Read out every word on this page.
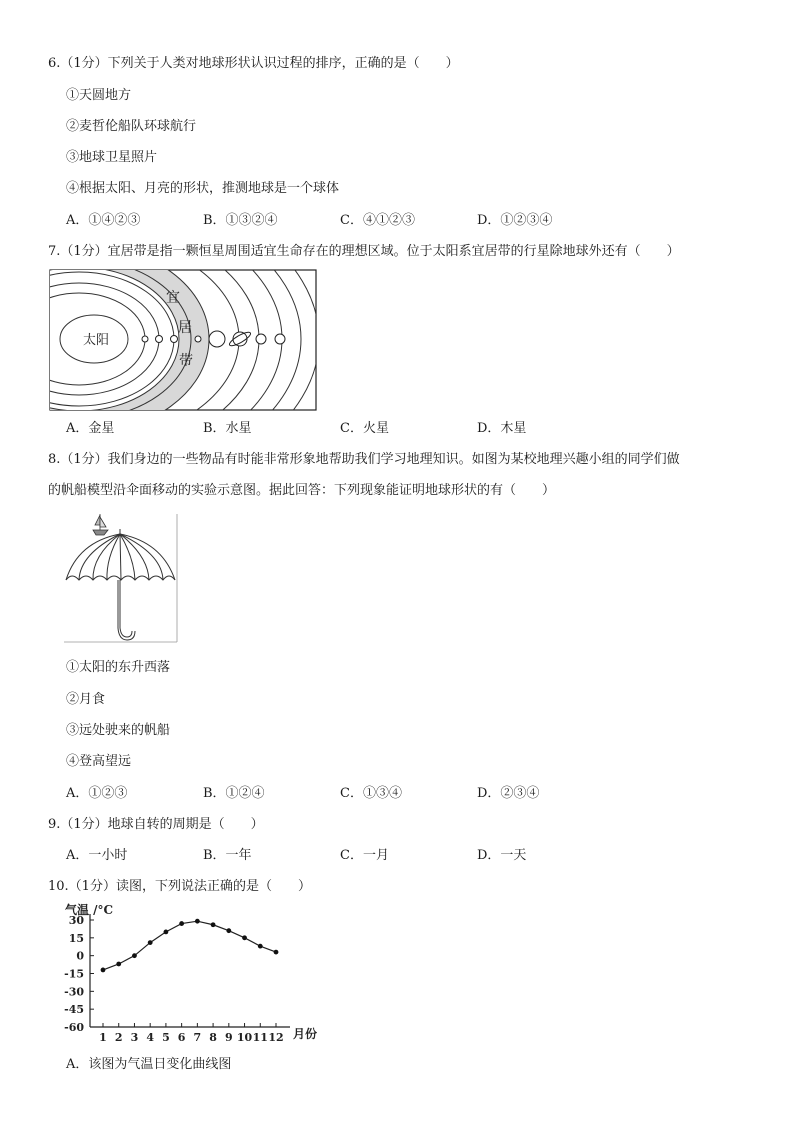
6.（1分）下列关于人类对地球形状认识过程的排序，正确的是（　　）
①天圆地方
②麦哲伦船队环球航行
③地球卫星照片
④根据太阳、月亮的形状，推测地球是一个球体
A．①④②③	B．①③②④	C．④①②③	D．①②③④
7.（1分）宜居带是指一颗恒星周围适宜生命存在的理想区域。位于太阳系宜居带的行星除地球外还有（　　）
太阳
宜
居
带
A．金星	B．水星	C．火星	D．木星
8.（1分）我们身边的一些物品有时能非常形象地帮助我们学习地理知识。如图为某校地理兴趣小组的同学们做
的帆船模型沿伞面移动的实验示意图。据此回答：下列现象能证明地球形状的有（　　）
①太阳的东升西落
②月食
③远处驶来的帆船
④登高望远
A．①②③	B．①②④	C．①③④	D．②③④
9.（1分）地球自转的周期是（　　）
A．一小时	B．一年	C．一月	D．一天
10.（1分）读图，下列说法正确的是（　　）
气温 /°C
月份
30
15
0
-15
-30
-45
-60
1 2 3 4 5 6 7 8 9 10 11 12
A．该图为气温日变化曲线图
